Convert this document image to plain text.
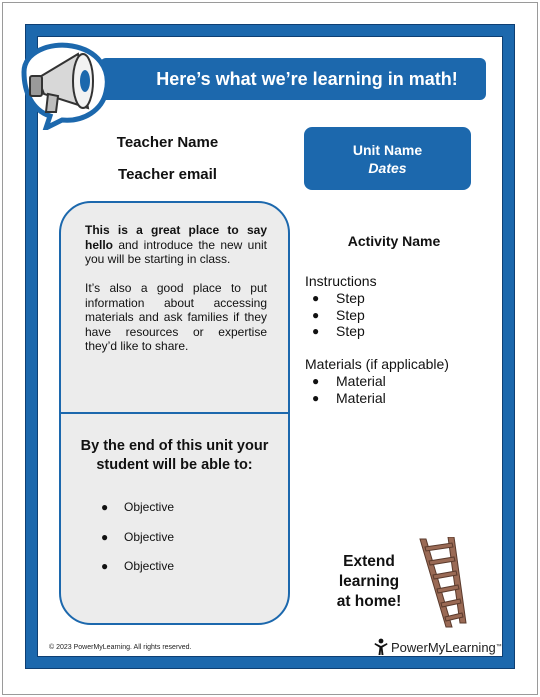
Here’s what we’re learning in math!
Teacher Name
Teacher email
Unit Name
Dates

This is a great place to say hello and introduce the new unit you will be starting in class.

It’s also a good place to put information about accessing materials and ask families if they have resources or expertise they’d like to share.

By the end of this unit your student will be able to:
●	Objective
●	Objective
●	Objective
Activity Name
Instructions
●	Step
●	Step
●	Step
Materials (if applicable)
●	Material
●	Material
Extend learning at home!
© 2023 PowerMyLearning. All rights reserved.	PowerMyLearning ™
